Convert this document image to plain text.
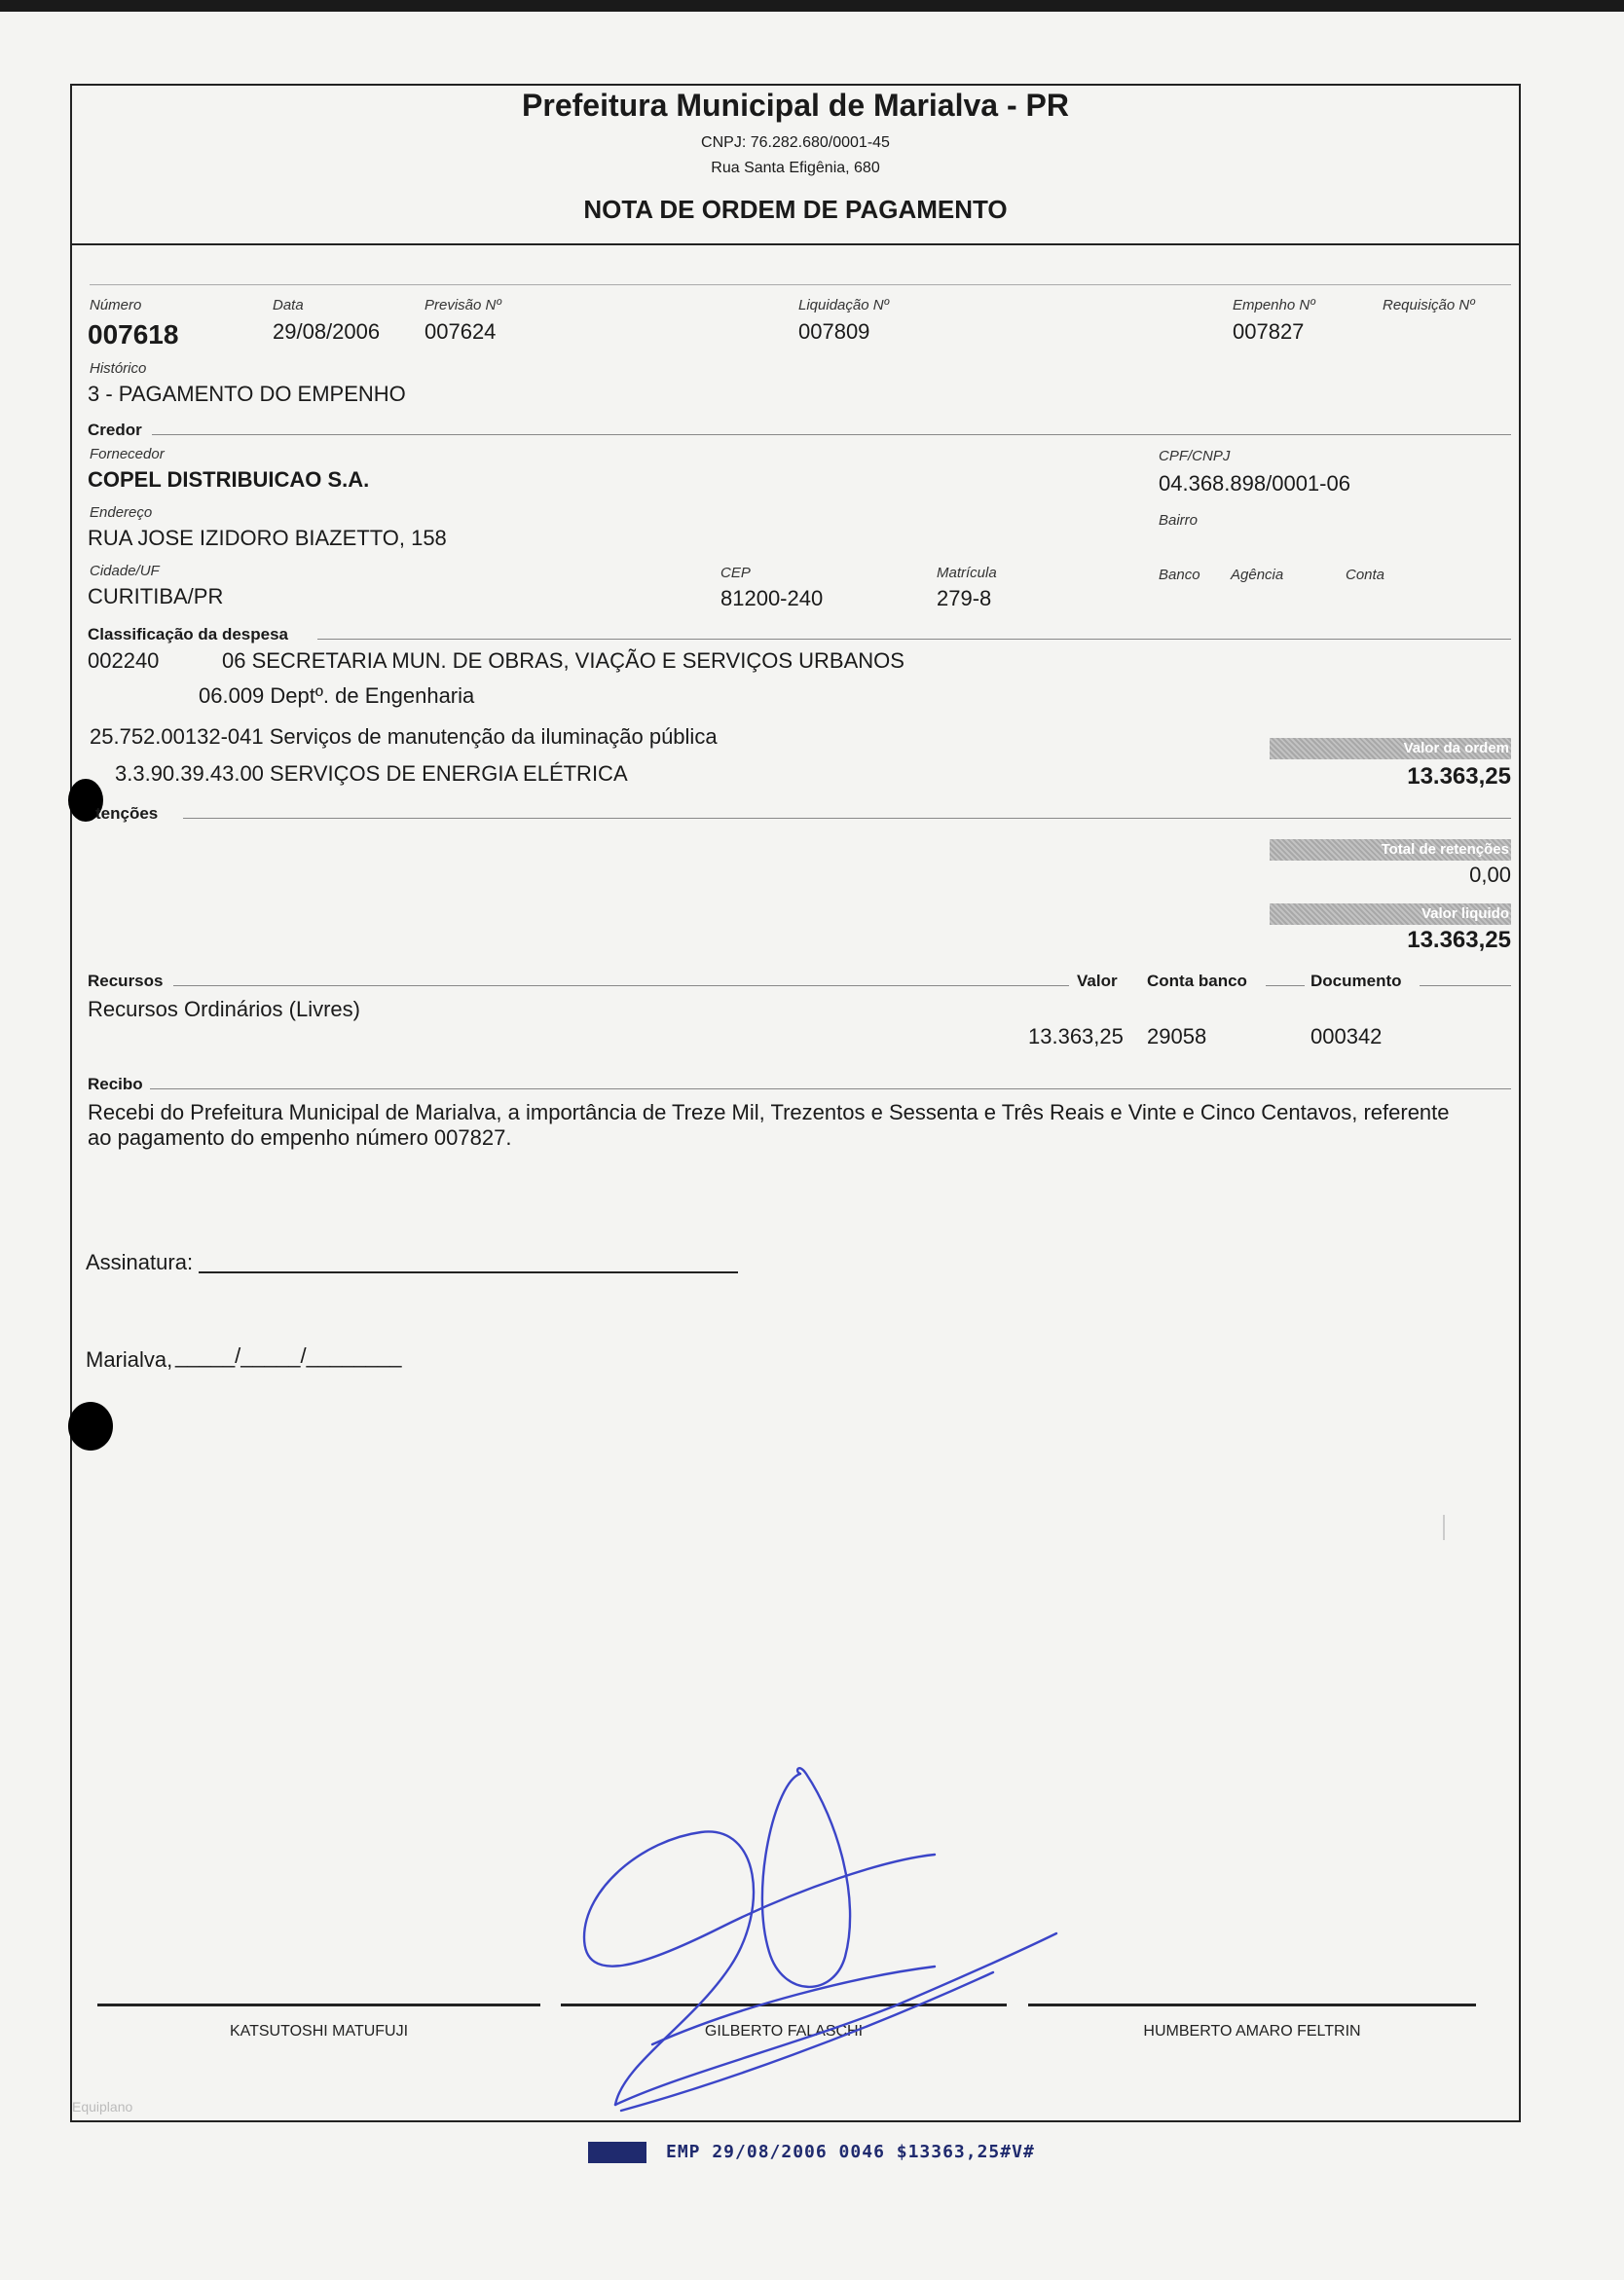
Prefeitura Municipal de Marialva - PR
CNPJ: 76.282.680/0001-45
Rua Santa Efigênia, 680
NOTA DE ORDEM DE PAGAMENTO
Número
007618
Data
29/08/2006
Previsão Nº
007624
Liquidação Nº
007809
Empenho Nº
007827
Requisição Nº
Histórico
3 - PAGAMENTO DO EMPENHO
Credor
Fornecedor
COPEL DISTRIBUICAO S.A.
CPF/CNPJ
04.368.898/0001-06
Endereço
RUA JOSE IZIDORO BIAZETTO, 158
Bairro
Cidade/UF
CURITIBA/PR
CEP
81200-240
Matrícula
279-8
Banco Agência	Conta
Classificação da despesa
002240	06 SECRETARIA MUN. DE OBRAS, VIAÇÃO E SERVIÇOS URBANOS
06.009 Deptº. de Engenharia
25.752.00132-041 Serviços de manutenção da iluminação pública
3.3.90.39.43.00 SERVIÇOS DE ENERGIA ELÉTRICA
Valor da ordem
13.363,25
tenções
Total de retenções
0,00
Valor liquido
13.363,25
Recursos	Valor Conta banco	Documento
Recursos Ordinários (Livres)
13.363,25 29058	000342
Recibo
Recebi do Prefeitura Municipal de Marialva, a importância de Treze Mil, Trezentos e Sessenta e Três Reais e Vinte e Cinco Centavos, referente
ao pagamento do empenho número 007827.
Assinatura:
Marialva, _____/_____/________
KATSUTOSHI MATUFUJI	GILBERTO FALASCHI	HUMBERTO AMARO FELTRIN
Equiplano
EMP 29/08/2006 0046 $13363,25#V#
